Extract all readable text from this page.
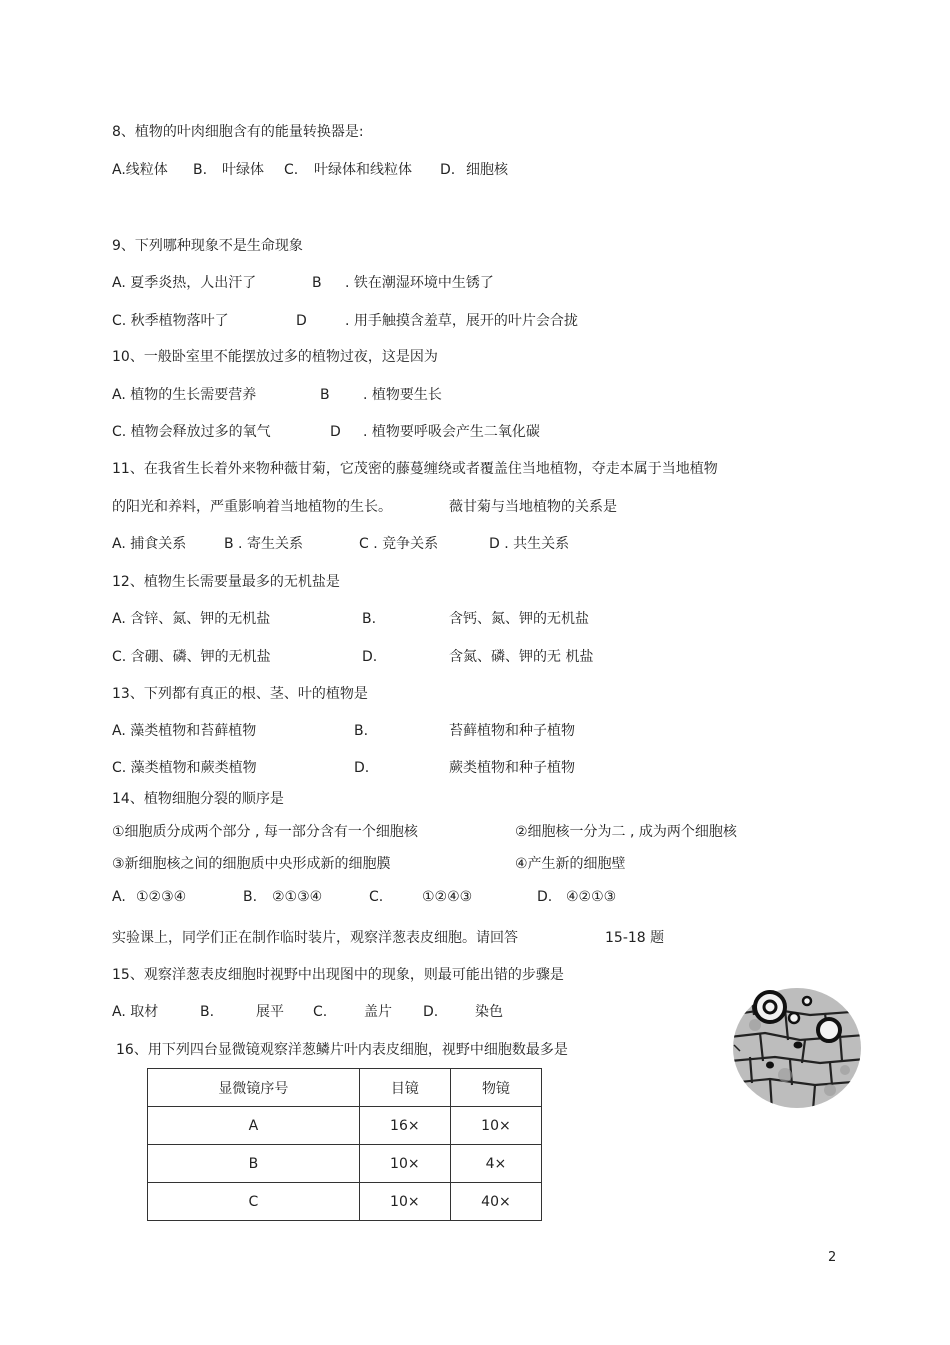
8、植物的叶肉细胞含有的能量转换器是:
A.线粒体 B. 叶绿体 C. 叶绿体和线粒体 D. 细胞核
9、下列哪种现象不是生命现象
A. 夏季炎热，人出汗了	B . 铁在潮湿环境中生锈了
C. 秋季植物落叶了	D	. 用手触摸含羞草，展开的叶片会合拢
10、一般卧室里不能摆放过多的植物过夜，这是因为
A. 植物的生长需要营养	B . 植物要生长
C. 植物会释放过多的氧气	D . 植物要呼吸会产生二氧化碳
11、在我省生长着外来物种薇甘菊，它茂密的藤蔓缠绕或者覆盖住当地植物，夺走本属于当地植物
的阳光和养料，严重影响着当地植物的生长。	薇甘菊与当地植物的关系是
A. 捕食关系	B . 寄生关系	C . 竞争关系	D . 共生关系
12、植物生长需要量最多的无机盐是
A. 含锌、氮、钾的无机盐	B.	含钙、氮、钾的无机盐
C. 含硼、磷、钾的无机盐	D.	含氮、磷、钾的无 机盐
13、下列都有真正的根、茎、叶的植物是
A. 藻类植物和苔藓植物	B.	苔藓植物和种子植物
C. 藻类植物和蕨类植物	D.	蕨类植物和种子植物
14、植物细胞分裂的顺序是
①细胞质分成两个部分 , 每一部分含有一个细胞核	②细胞核一分为二 , 成为两个细胞核
③新细胞核之间的细胞质中央形成新的细胞膜	④产生新的细胞壁
A. ①②③④	B. ②①③④	C.	①②④③	D. ④②①③
实验课上，同学们正在制作临时装片，观察洋葱表皮细胞。请回答	15-18 题
15、观察洋葱表皮细胞时视野中出现图中的现象，则最可能出错的步骤是
A. 取材	B.	展平 C.	盖片 D.	染色
16、用下列四台显微镜观察洋葱鳞片叶内表皮细胞，视野中细胞数最多是
显微镜序号	目镜	物镜
A	16×	10×
B	10×	4×
C	10×	40×
2
